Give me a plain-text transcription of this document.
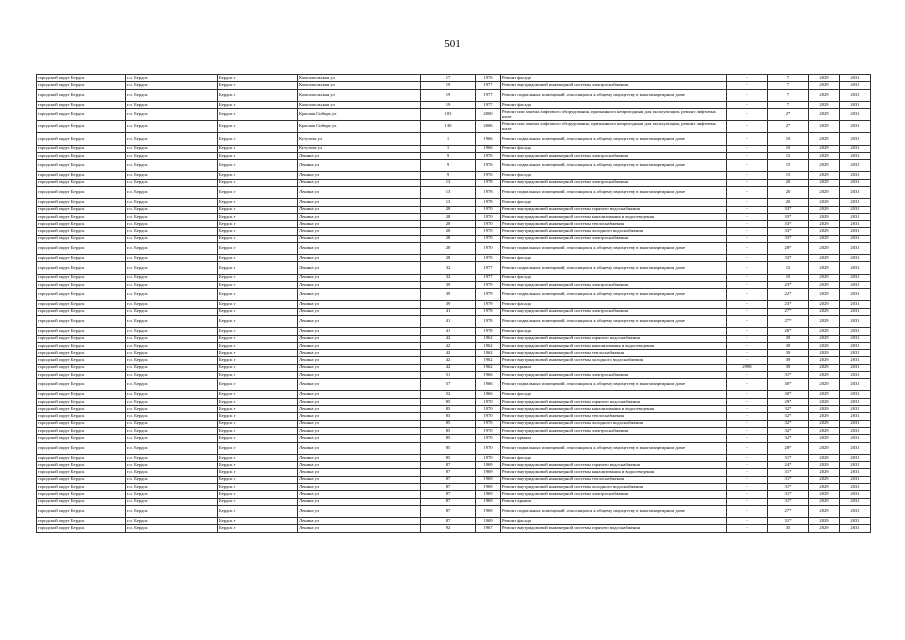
501
городской округ Бердск	г.о. Бердск	Бердск г	Комсомольская ул	17	1976	Ремонт фасада	-	7	2029	2031
городской округ Бердск	г.о. Бердск	Бердск г	Комсомольская ул	19	1977	Ремонт внутридомовой инженерной системы электроснабжения	-	7	2029	2031
городской округ Бердск	г.о. Бердск	Бердск г	Комсомольская ул	19	1977	Ремонт подвальных помещений, относящихся к общему имуществу в многоквартирном доме	-	7	2029	2031
городской округ Бердск	г.о. Бердск	Бердск г	Комсомольская ул	19	1977	Ремонт фасада	-	7	2029	2031
городской округ Бердск	г.о. Бердск	Бердск г	Красная Сибирь ул	103	2000	Ремонт или замена лифтового оборудования, признанного непригодным для эксплуатации, ремонт лифтовых шахт	-	2*	2029	2031
городской округ Бердск	г.о. Бердск	Бердск г	Красная Сибирь ул	130	2006	Ремонт или замена лифтового оборудования, признанного непригодным для эксплуатации, ремонт лифтовых шахт	-	2*	2029	2031
городской округ Бердск	г.о. Бердск	Бердск г	Кутузова ул	1	1966	Ремонт подвальных помещений, относящихся к общему имуществу в многоквартирном доме	-	10	2029	2031
городской округ Бердск	г.о. Бердск	Бердск г	Кутузова ул	1	1966	Ремонт фасада	-	10	2029	2031
городской округ Бердск	г.о. Бердск	Бердск г	Ленина ул	9	1976	Ремонт внутридомовой инженерной системы электроснабжения	-	15	2029	2031
городской округ Бердск	г.о. Бердск	Бердск г	Ленина ул	9	1976	Ремонт подвальных помещений, относящихся к общему имуществу в многоквартирном доме	-	15	2029	2031
городской округ Бердск	г.о. Бердск	Бердск г	Ленина ул	9	1976	Ремонт фасада	-	15	2029	2031
городской округ Бердск	г.о. Бердск	Бердск г	Ленина ул	13	1978	Ремонт внутридомовой инженерной системы электроснабжения	-	20	2029	2031
городской округ Бердск	г.о. Бердск	Бердск г	Ленина ул	13	1978	Ремонт подвальных помещений, относящихся к общему имуществу в многоквартирном доме	-	20	2029	2031
городской округ Бердск	г.о. Бердск	Бердск г	Ленина ул	13	1978	Ремонт фасада	-	20	2029	2031
городской округ Бердск	г.о. Бердск	Бердск г	Ленина ул	28	1970	Ремонт внутридомовой инженерной системы горячего водоснабжения	-	33*	2029	2031
городской округ Бердск	г.о. Бердск	Бердск г	Ленина ул	28	1970	Ремонт внутридомовой инженерной системы канализования и водоотведения	-	33*	2029	2031
городской округ Бердск	г.о. Бердск	Бердск г	Ленина ул	28	1970	Ремонт внутридомовой инженерной системы теплоснабжения	-	33*	2029	2031
городской округ Бердск	г.о. Бердск	Бердск г	Ленина ул	28	1970	Ремонт внутридомовой инженерной системы холодного водоснабжения	-	33*	2029	2031
городской округ Бердск	г.о. Бердск	Бердск г	Ленина ул	28	1970	Ремонт внутридомовой инженерной системы электроснабжения	-	33*	2029	2031
городской округ Бердск	г.о. Бердск	Бердск г	Ленина ул	28	1970	Ремонт подвальных помещений, относящихся к общему имуществу в многоквартирном доме	-	28*	2029	2031
городской округ Бердск	г.о. Бердск	Бердск г	Ленина ул	28	1970	Ремонт фасада	-	33*	2029	2031
городской округ Бердск	г.о. Бердск	Бердск г	Ленина ул	32	1977	Ремонт подвальных помещений, относящихся к общему имуществу в многоквартирном доме	-	15	2029	2031
городской округ Бердск	г.о. Бердск	Бердск г	Ленина ул	32	1977	Ремонт фасада	-	10	2029	2031
городской округ Бердск	г.о. Бердск	Бердск г	Ленина ул	39	1979	Ремонт внутридомовой инженерной системы электроснабжения	-	23*	2029	2031
городской округ Бердск	г.о. Бердск	Бердск г	Ленина ул	39	1979	Ремонт подвальных помещений, относящихся к общему имуществу в многоквартирном доме	-	22*	2029	2031
городской округ Бердск	г.о. Бердск	Бердск г	Ленина ул	39	1979	Ремонт фасада	-	23*	2029	2031
городской округ Бердск	г.о. Бердск	Бердск г	Ленина ул	41	1978	Ремонт внутридомовой инженерной системы электроснабжения	-	27*	2029	2031
городской округ Бердск	г.о. Бердск	Бердск г	Ленина ул	41	1978	Ремонт подвальных помещений, относящихся к общему имуществу в многоквартирном доме	-	27*	2029	2031
городской округ Бердск	г.о. Бердск	Бердск г	Ленина ул	41	1978	Ремонт фасада	-	26*	2029	2031
городской округ Бердск	г.о. Бердск	Бердск г	Ленина ул	42	1962	Ремонт внутридомовой инженерной системы горячего водоснабжения	-	39	2029	2031
городской округ Бердск	г.о. Бердск	Бердск г	Ленина ул	42	1962	Ремонт внутридомовой инженерной системы канализования и водоотведения	-	39	2029	2031
городской округ Бердск	г.о. Бердск	Бердск г	Ленина ул	42	1962	Ремонт внутридомовой инженерной системы теплоснабжения	-	39	2029	2031
городской округ Бердск	г.о. Бердск	Бердск г	Ленина ул	42	1962	Ремонт внутридомовой инженерной системы холодного водоснабжения	-	39	2029	2031
городской округ Бердск	г.о. Бердск	Бердск г	Ленина ул	42	1962	Ремонт крыши	2998	39	2029	2031
городской округ Бердск	г.о. Бердск	Бердск г	Ленина ул	51	1966	Ремонт внутридомовой инженерной системы электроснабжения	-	31*	2029	2031
городской округ Бердск	г.о. Бердск	Бердск г	Ленина ул	57	1966	Ремонт подвальных помещений, относящихся к общему имуществу в многоквартирном доме	-	30*	2029	2031
городской округ Бердск	г.о. Бердск	Бердск г	Ленина ул	52	1966	Ремонт фасада	-	30*	2029	2031
городской округ Бердск	г.о. Бердск	Бердск г	Ленина ул	85	1970	Ремонт внутридомовой инженерной системы горячего водоснабжения	-	29*	2029	2031
городской округ Бердск	г.о. Бердск	Бердск г	Ленина ул	85	1970	Ремонт внутридомовой инженерной системы канализования и водоотведения	-	32*	2029	2031
городской округ Бердск	г.о. Бердск	Бердск г	Ленина ул	85	1970	Ремонт внутридомовой инженерной системы теплоснабжения	-	32*	2029	2031
городской округ Бердск	г.о. Бердск	Бердск г	Ленина ул	85	1970	Ремонт внутридомовой инженерной системы холодного водоснабжения	-	32*	2029	2031
городской округ Бердск	г.о. Бердск	Бердск г	Ленина ул	85	1970	Ремонт внутридомовой инженерной системы электроснабжения	-	32*	2029	2031
городской округ Бердск	г.о. Бердск	Бердск г	Ленина ул	85	1970	Ремонт крыши	-	32*	2029	2031
городской округ Бердск	г.о. Бердск	Бердск г	Ленина ул	85	1970	Ремонт подвальных помещений, относящихся к общему имуществу в многоквартирном доме	-	28*	2029	2031
городской округ Бердск	г.о. Бердск	Бердск г	Ленина ул	85	1970	Ремонт фасада	-	31*	2029	2031
городской округ Бердск	г.о. Бердск	Бердск г	Ленина ул	87	1969	Ремонт внутридомовой инженерной системы горячего водоснабжения	-	24*	2029	2031
городской округ Бердск	г.о. Бердск	Бердск г	Ленина ул	87	1969	Ремонт внутридомовой инженерной системы канализования и водоотведения	-	31*	2029	2031
городской округ Бердск	г.о. Бердск	Бердск г	Ленина ул	87	1969	Ремонт внутридомовой инженерной системы теплоснабжения	-	31*	2029	2031
городской округ Бердск	г.о. Бердск	Бердск г	Ленина ул	87	1969	Ремонт внутридомовой инженерной системы холодного водоснабжения	-	31*	2029	2031
городской округ Бердск	г.о. Бердск	Бердск г	Ленина ул	87	1969	Ремонт внутридомовой инженерной системы электроснабжения	-	31*	2029	2031
городской округ Бердск	г.о. Бердск	Бердск г	Ленина ул	87	1969	Ремонт крыши	-	31*	2029	2031
городской округ Бердск	г.о. Бердск	Бердск г	Ленина ул	87	1969	Ремонт подвальных помещений, относящихся к общему имуществу в многоквартирном доме	-	27*	2029	2031
городской округ Бердск	г.о. Бердск	Бердск г	Ленина ул	87	1969	Ремонт фасада	-	31*	2029	2031
городской округ Бердск	г.о. Бердск	Бердск г	Ленина ул	92	1967	Ремонт внутридомовой инженерной системы горячего водоснабжения	-	35	2029	2031
